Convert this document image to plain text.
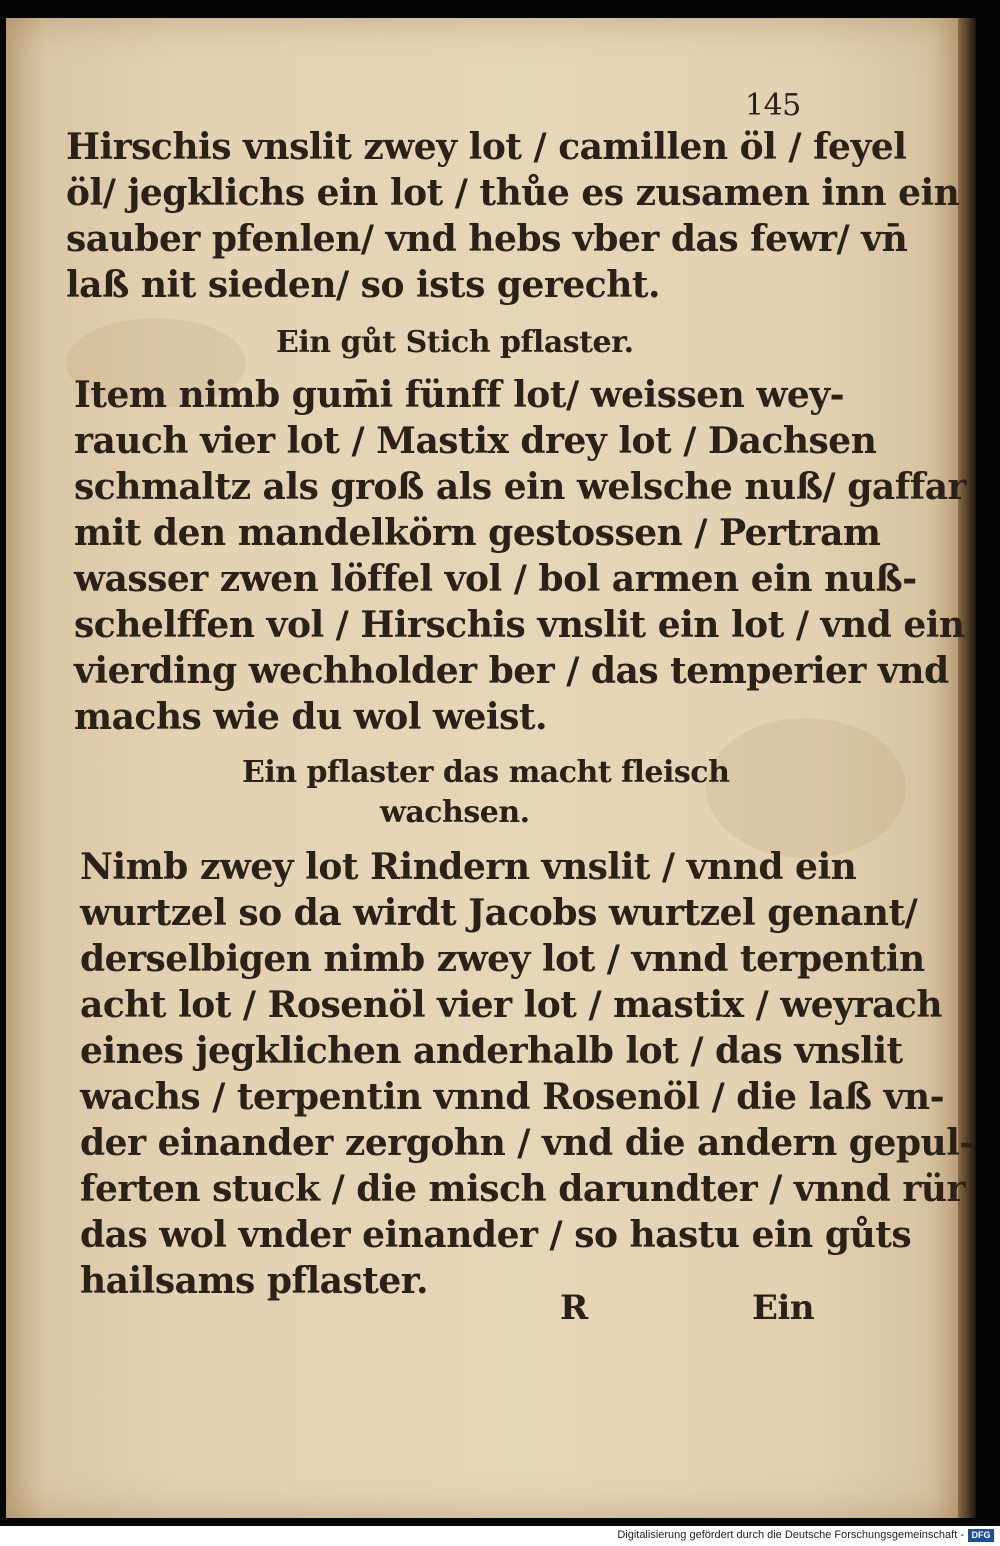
145
Hirschis vnslit zwey lot / camillen öl / feyel
öl/ jegklichs ein lot / thůe es zusamen inn ein
sauber pfenlen/ vnd hebs vber das fewr/ vn̄
laß nit sieden/ so ists gerecht.
Ein gůt Stich pflaster.
Item nimb gum̄i fünff lot/ weissen wey-
rauch vier lot / Mastix drey lot / Dachsen
schmaltz als groß als ein welsche nuß/ gaffar
mit den mandelkörn gestossen / Pertram
wasser zwen löffel vol / bol armen ein nuß-
schelffen vol / Hirschis vnslit ein lot / vnd ein
vierding wechholder ber / das temperier vnd
machs wie du wol weist.
Ein pflaster das macht fleisch
wachsen.
Nimb zwey lot Rindern vnslit / vnnd ein
wurtzel so da wirdt Jacobs wurtzel genant/
derselbigen nimb zwey lot / vnnd terpentin
acht lot / Rosenöl vier lot / mastix / weyrach
eines jegklichen anderhalb lot / das vnslit
wachs / terpentin vnnd Rosenöl / die laß vn-
der einander zergohn / vnd die andern gepul-
ferten stuck / die misch darundter / vnnd rür
das wol vnder einander / so hastu ein gůts
hailsams pflaster.
R	Ein
Digitalisierung gefördert durch die Deutsche Forschungsgemeinschaft - DFG
